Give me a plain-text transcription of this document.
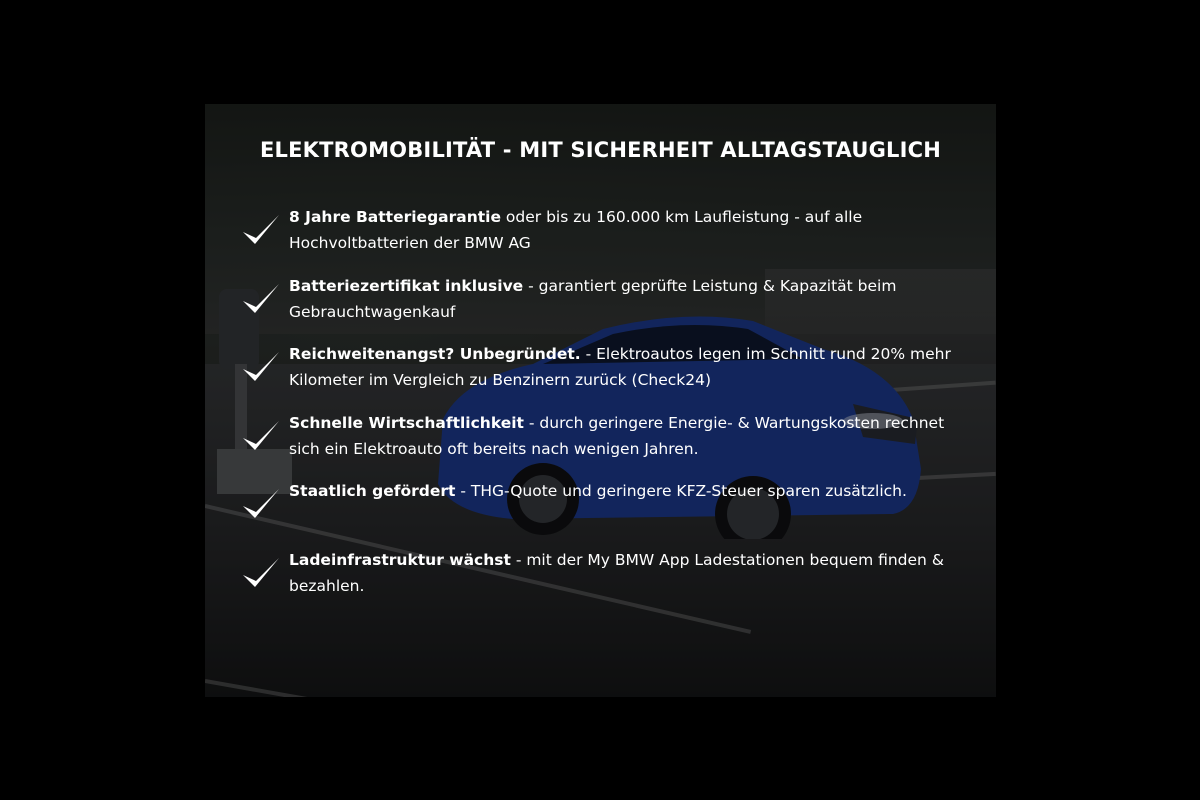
ELEKTROMOBILITÄT - MIT SICHERHEIT ALLTAGSTAUGLICH
8 Jahre Batteriegarantie oder bis zu 160.000 km Laufleistung - auf alle Hochvoltbatterien der BMW AG
Batteriezertifikat inklusive - garantiert geprüfte Leistung & Kapazität beim Gebrauchtwagenkauf
Reichweitenangst? Unbegründet. - Elektroautos legen im Schnitt rund 20% mehr Kilometer im Vergleich zu Benzinern zurück (Check24)
Schnelle Wirtschaftlichkeit - durch geringere Energie- & Wartungskosten rechnet sich ein Elektroauto oft bereits nach wenigen Jahren.
Staatlich gefördert - THG-Quote und geringere KFZ-Steuer sparen zusätzlich.
Ladeinfrastruktur wächst - mit der My BMW App Ladestationen bequem finden & bezahlen.
